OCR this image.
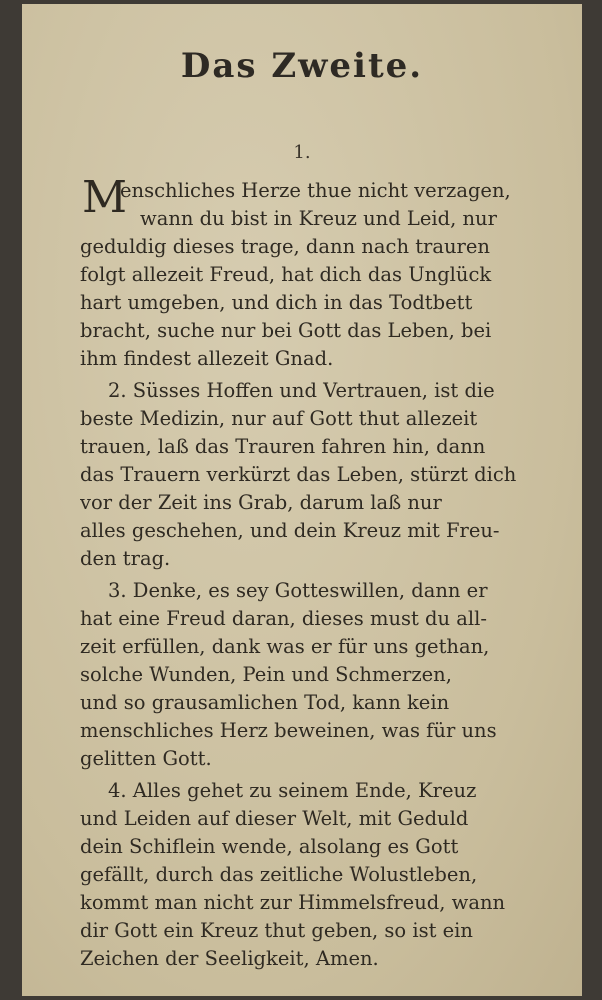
Das Zweite.
1.
M
enschliches Herze thue nicht verzagen,
wann du bist in Kreuz und Leid, nur
geduldig dieses trage, dann nach trauren
folgt allezeit Freud, hat dich das Unglück
hart umgeben, und dich in das Todtbett
bracht, suche nur bei Gott das Leben, bei
ihm findest allezeit Gnad.
2. Süsses Hoffen und Vertrauen, ist die
beste Medizin, nur auf Gott thut allezeit
trauen, laß das Trauren fahren hin, dann
das Trauern verkürzt das Leben, stürzt dich
vor der Zeit ins Grab, darum laß nur
alles geschehen, und dein Kreuz mit Freu-
den trag.
3. Denke, es sey Gotteswillen, dann er
hat eine Freud daran, dieses must du all-
zeit erfüllen, dank was er für uns gethan,
solche Wunden, Pein und Schmerzen,
und so grausamlichen Tod, kann kein
menschliches Herz beweinen, was für uns
gelitten Gott.
4. Alles gehet zu seinem Ende, Kreuz
und Leiden auf dieser Welt, mit Geduld
dein Schiflein wende, alsolang es Gott
gefällt, durch das zeitliche Wolustleben,
kommt man nicht zur Himmelsfreud, wann
dir Gott ein Kreuz thut geben, so ist ein
Zeichen der Seeligkeit, Amen.
